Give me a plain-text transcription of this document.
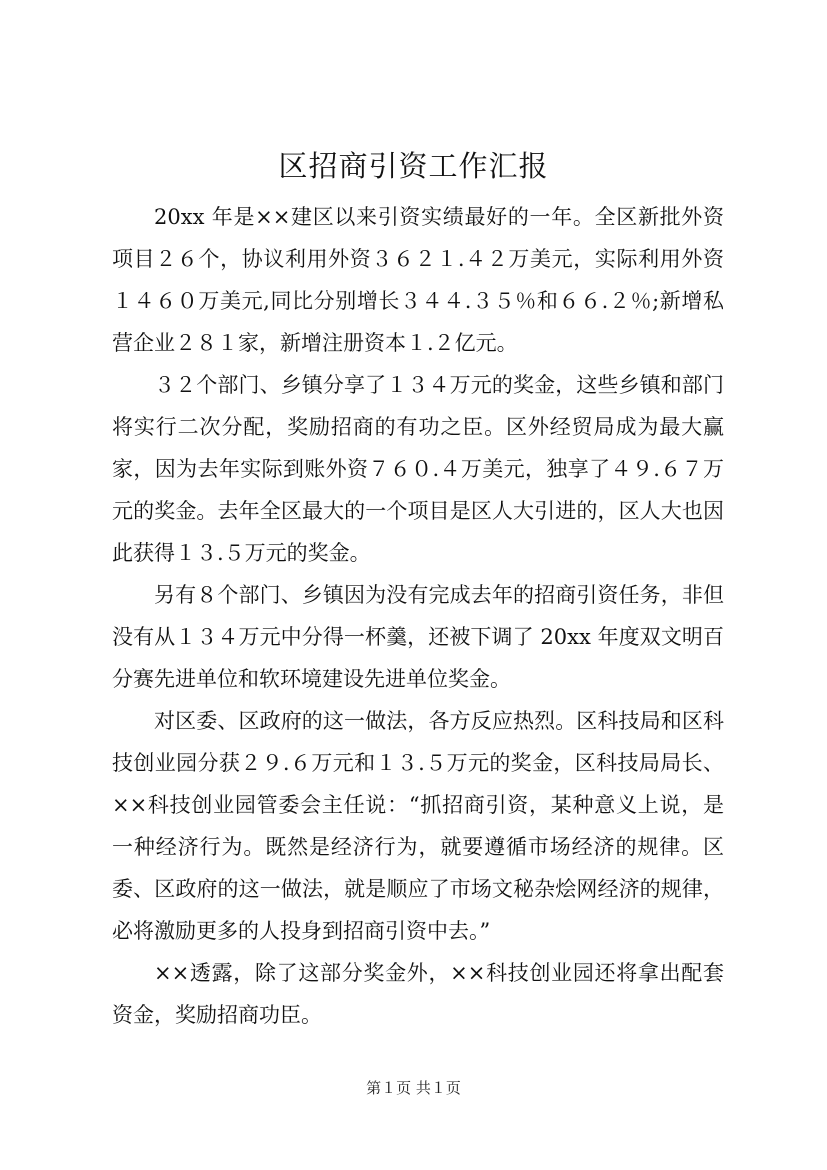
区招商引资工作汇报

20xx 年是××建区以来引资实绩最好的一年。全区新批外资项目２６个，协议利用外资３６２１.４２万美元，实际利用外资１４６０万美元,同比分别增长３４４.３５％和６６.２％;新增私营企业２８１家，新增注册资本１.２亿元。

３２个部门、乡镇分享了１３４万元的奖金，这些乡镇和部门将实行二次分配，奖励招商的有功之臣。区外经贸局成为最大赢家，因为去年实际到账外资７６０.４万美元，独享了４９.６７万元的奖金。去年全区最大的一个项目是区人大引进的，区人大也因此获得１３.５万元的奖金。

另有８个部门、乡镇因为没有完成去年的招商引资任务，非但没有从１３４万元中分得一杯羹，还被下调了 20xx 年度双文明百分赛先进单位和软环境建设先进单位奖金。

对区委、区政府的这一做法，各方反应热烈。区科技局和区科技创业园分获２９.６万元和１３.５万元的奖金，区科技局局长、××科技创业园管委会主任说：“抓招商引资，某种意义上说，是一种经济行为。既然是经济行为，就要遵循市场经济的规律。区委、区政府的这一做法，就是顺应了市场文秘杂烩网经济的规律，必将激励更多的人投身到招商引资中去。”

××透露，除了这部分奖金外，××科技创业园还将拿出配套资金，奖励招商功臣。

第１页 共１页
